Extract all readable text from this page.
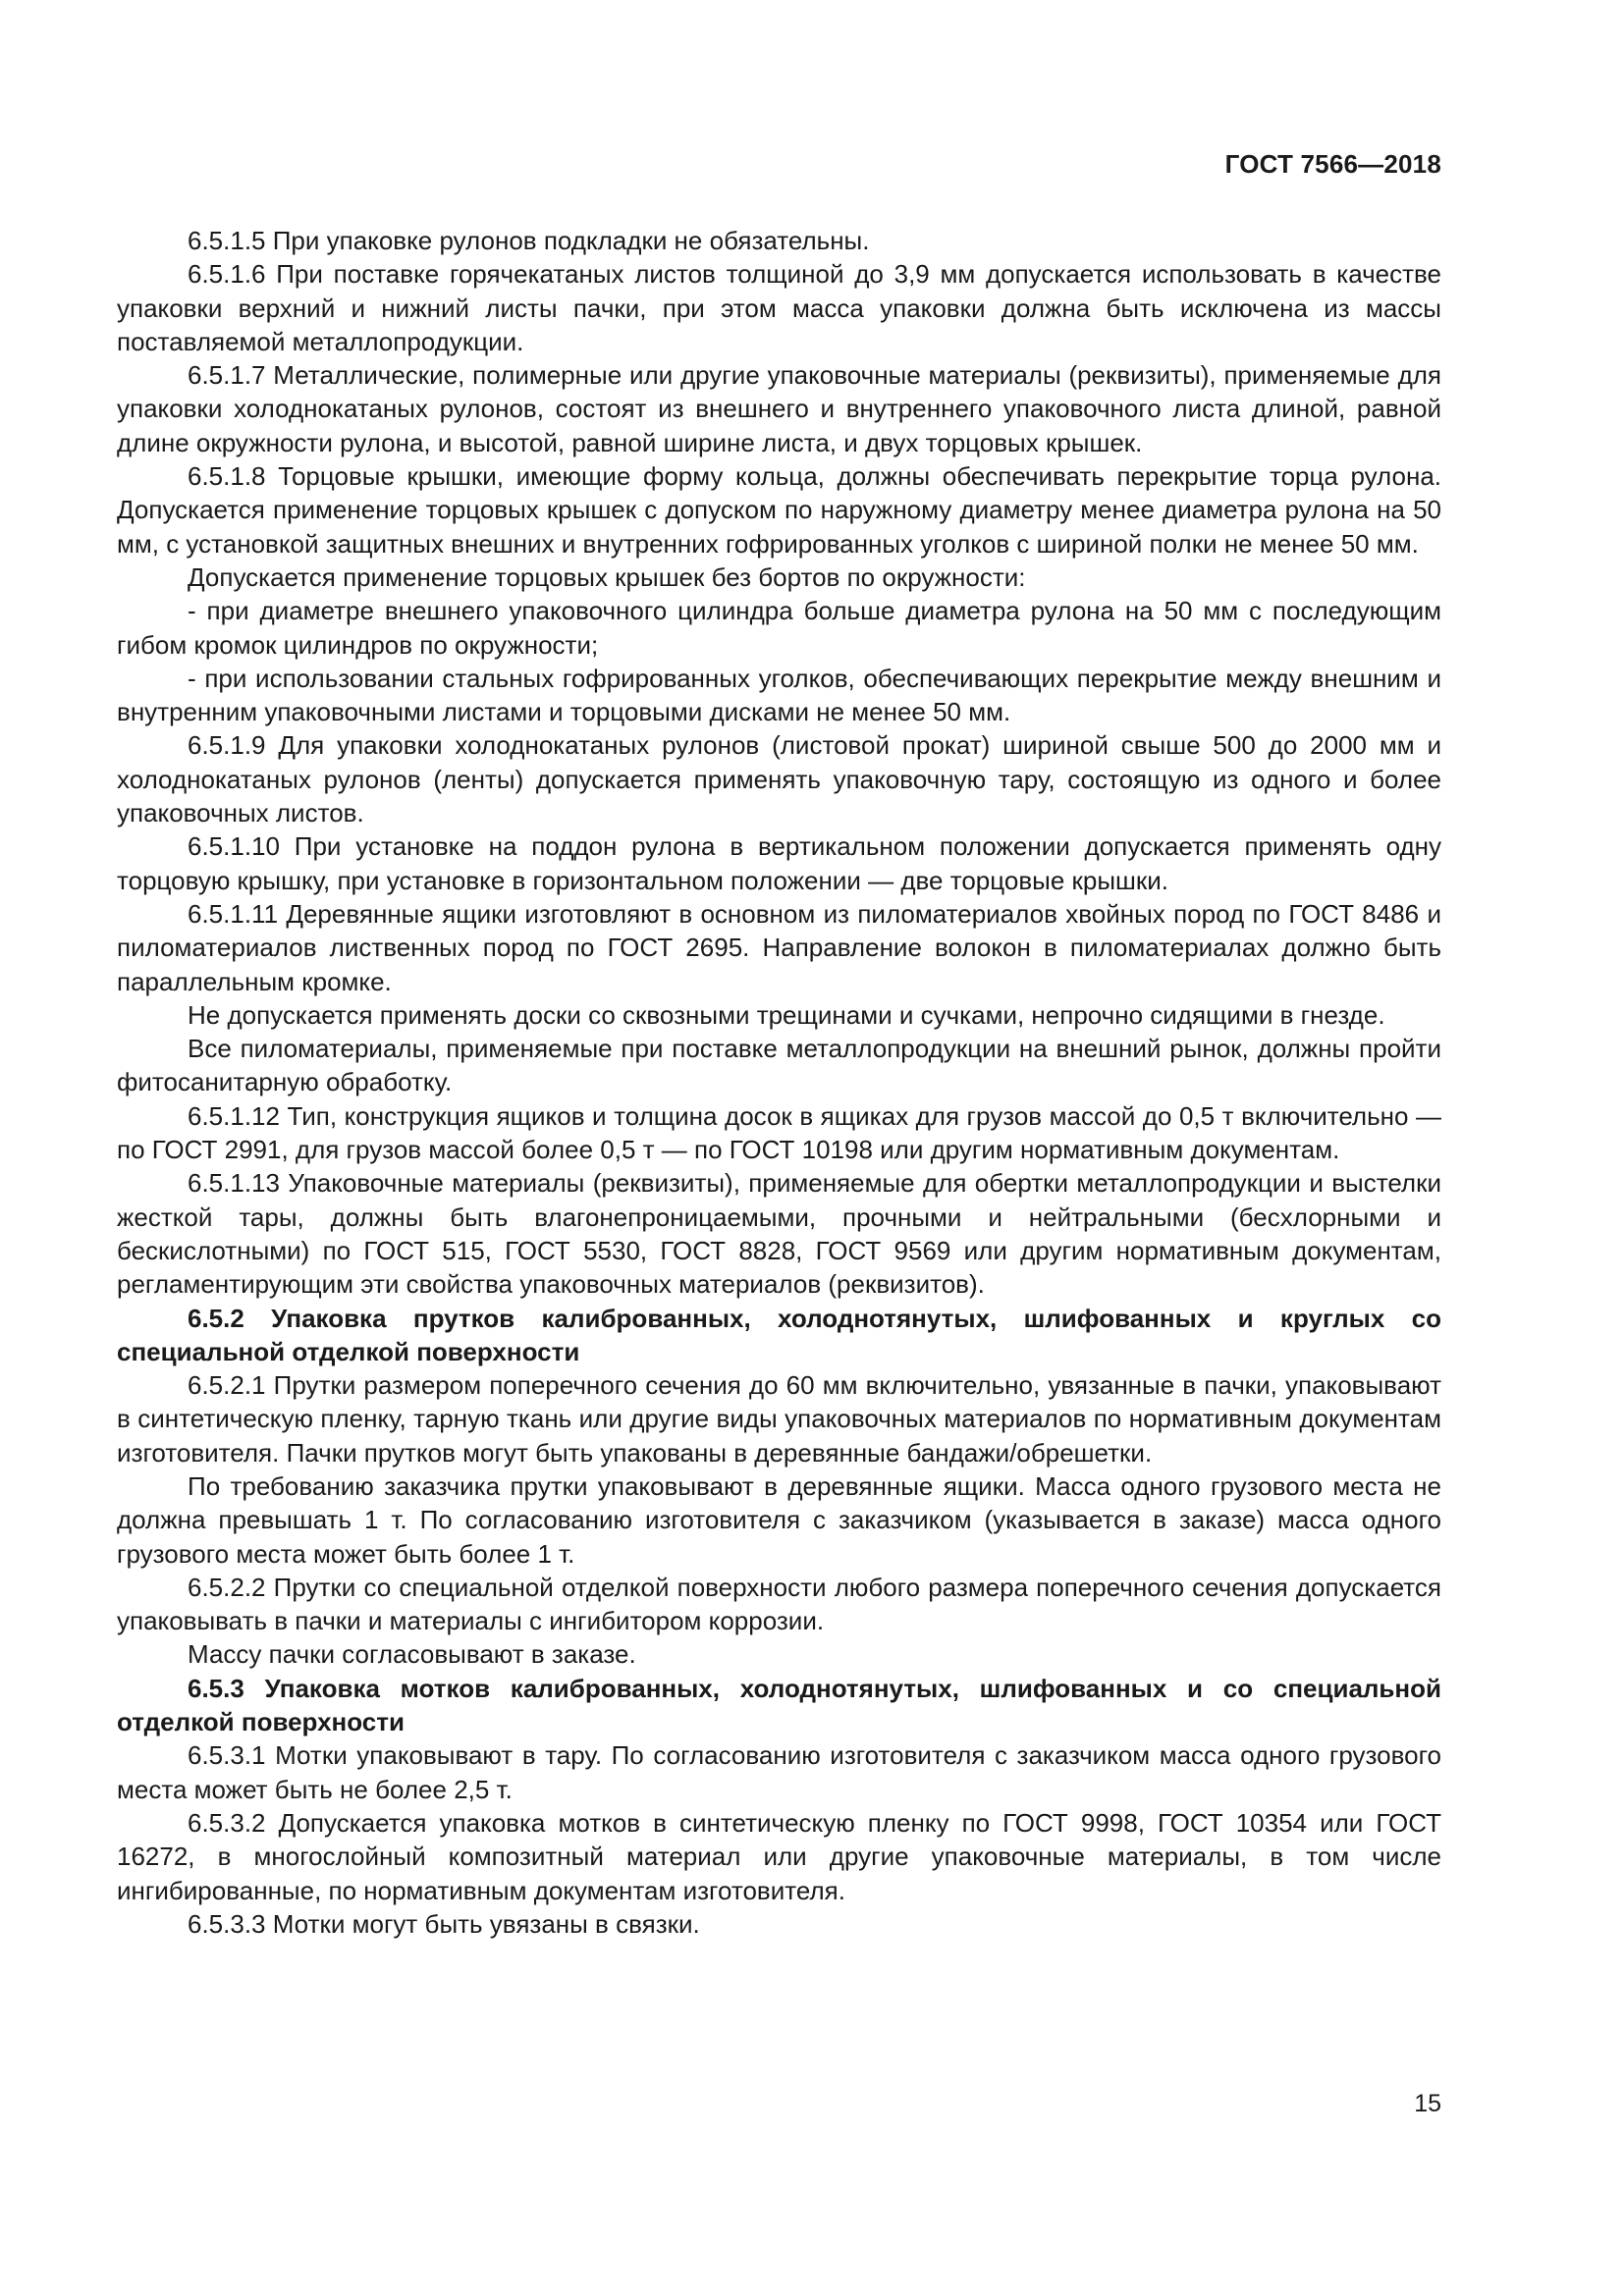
ГОСТ 7566—2018

6.5.1.5 При упаковке рулонов подкладки не обязательны.

6.5.1.6 При поставке горячекатаных листов толщиной до 3,9 мм допускается использовать в качестве упаковки верхний и нижний листы пачки, при этом масса упаковки должна быть исключена из массы поставляемой металлопродукции.

6.5.1.7 Металлические, полимерные или другие упаковочные материалы (реквизиты), применяемые для упаковки холоднокатаных рулонов, состоят из внешнего и внутреннего упаковочного листа длиной, равной длине окружности рулона, и высотой, равной ширине листа, и двух торцовых крышек.

6.5.1.8 Торцовые крышки, имеющие форму кольца, должны обеспечивать перекрытие торца рулона. Допускается применение торцовых крышек с допуском по наружному диаметру менее диаметра рулона на 50 мм, с установкой защитных внешних и внутренних гофрированных уголков с шириной полки не менее 50 мм.

Допускается применение торцовых крышек без бортов по окружности:

- при диаметре внешнего упаковочного цилиндра больше диаметра рулона на 50 мм с последующим гибом кромок цилиндров по окружности;

- при использовании стальных гофрированных уголков, обеспечивающих перекрытие между внешним и внутренним упаковочными листами и торцовыми дисками не менее 50 мм.

6.5.1.9 Для упаковки холоднокатаных рулонов (листовой прокат) шириной свыше 500 до 2000 мм и холоднокатаных рулонов (ленты) допускается применять упаковочную тару, состоящую из одного и более упаковочных листов.

6.5.1.10 При установке на поддон рулона в вертикальном положении допускается применять одну торцовую крышку, при установке в горизонтальном положении — две торцовые крышки.

6.5.1.11 Деревянные ящики изготовляют в основном из пиломатериалов хвойных пород по ГОСТ 8486 и пиломатериалов лиственных пород по ГОСТ 2695. Направление волокон в пиломатериалах должно быть параллельным кромке.

Не допускается применять доски со сквозными трещинами и сучками, непрочно сидящими в гнезде.

Все пиломатериалы, применяемые при поставке металлопродукции на внешний рынок, должны пройти фитосанитарную обработку.

6.5.1.12 Тип, конструкция ящиков и толщина досок в ящиках для грузов массой до 0,5 т включительно — по ГОСТ 2991, для грузов массой более 0,5 т — по ГОСТ 10198 или другим нормативным документам.

6.5.1.13 Упаковочные материалы (реквизиты), применяемые для обертки металлопродукции и выстелки жесткой тары, должны быть влагонепроницаемыми, прочными и нейтральными (бесхлорными и бескислотными) по ГОСТ 515, ГОСТ 5530, ГОСТ 8828, ГОСТ 9569 или другим нормативным документам, регламентирующим эти свойства упаковочных материалов (реквизитов).

6.5.2 Упаковка прутков калиброванных, холоднотянутых, шлифованных и круглых со специальной отделкой поверхности

6.5.2.1 Прутки размером поперечного сечения до 60 мм включительно, увязанные в пачки, упаковывают в синтетическую пленку, тарную ткань или другие виды упаковочных материалов по нормативным документам изготовителя. Пачки прутков могут быть упакованы в деревянные бандажи/обрешетки.

По требованию заказчика прутки упаковывают в деревянные ящики. Масса одного грузового места не должна превышать 1 т. По согласованию изготовителя с заказчиком (указывается в заказе) масса одного грузового места может быть более 1 т.

6.5.2.2 Прутки со специальной отделкой поверхности любого размера поперечного сечения допускается упаковывать в пачки и материалы с ингибитором коррозии.

Массу пачки согласовывают в заказе.

6.5.3 Упаковка мотков калиброванных, холоднотянутых, шлифованных и со специальной отделкой поверхности

6.5.3.1 Мотки упаковывают в тару. По согласованию изготовителя с заказчиком масса одного грузового места может быть не более 2,5 т.

6.5.3.2 Допускается упаковка мотков в синтетическую пленку по ГОСТ 9998, ГОСТ 10354 или ГОСТ 16272, в многослойный композитный материал или другие упаковочные материалы, в том числе ингибированные, по нормативным документам изготовителя.

6.5.3.3 Мотки могут быть увязаны в связки.

15
